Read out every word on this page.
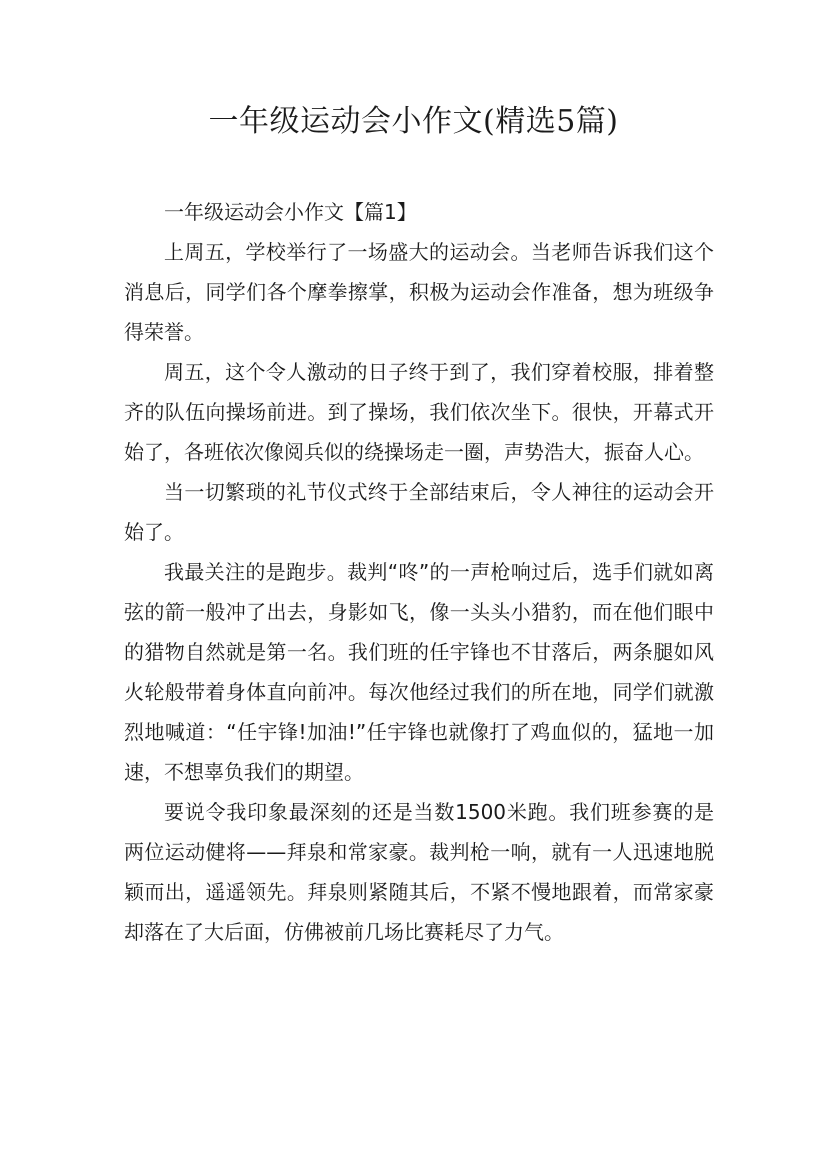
一年级运动会小作文(精选5篇)

一年级运动会小作文【篇1】

上周五，学校举行了一场盛大的运动会。当老师告诉我们这个消息后，同学们各个摩拳擦掌，积极为运动会作准备，想为班级争得荣誉。

周五，这个令人激动的日子终于到了，我们穿着校服，排着整齐的队伍向操场前进。到了操场，我们依次坐下。很快，开幕式开始了，各班依次像阅兵似的绕操场走一圈，声势浩大，振奋人心。

当一切繁琐的礼节仪式终于全部结束后，令人神往的运动会开始了。

我最关注的是跑步。裁判“咚”的一声枪响过后，选手们就如离弦的箭一般冲了出去，身影如飞，像一头头小猎豹，而在他们眼中的猎物自然就是第一名。我们班的任宇锋也不甘落后，两条腿如风火轮般带着身体直向前冲。每次他经过我们的所在地，同学们就激烈地喊道：“任宇锋!加油!”任宇锋也就像打了鸡血似的，猛地一加速，不想辜负我们的期望。

要说令我印象最深刻的还是当数1500米跑。我们班参赛的是两位运动健将——拜泉和常家豪。裁判枪一响，就有一人迅速地脱颖而出，遥遥领先。拜泉则紧随其后，不紧不慢地跟着，而常家豪却落在了大后面，仿佛被前几场比赛耗尽了力气。
